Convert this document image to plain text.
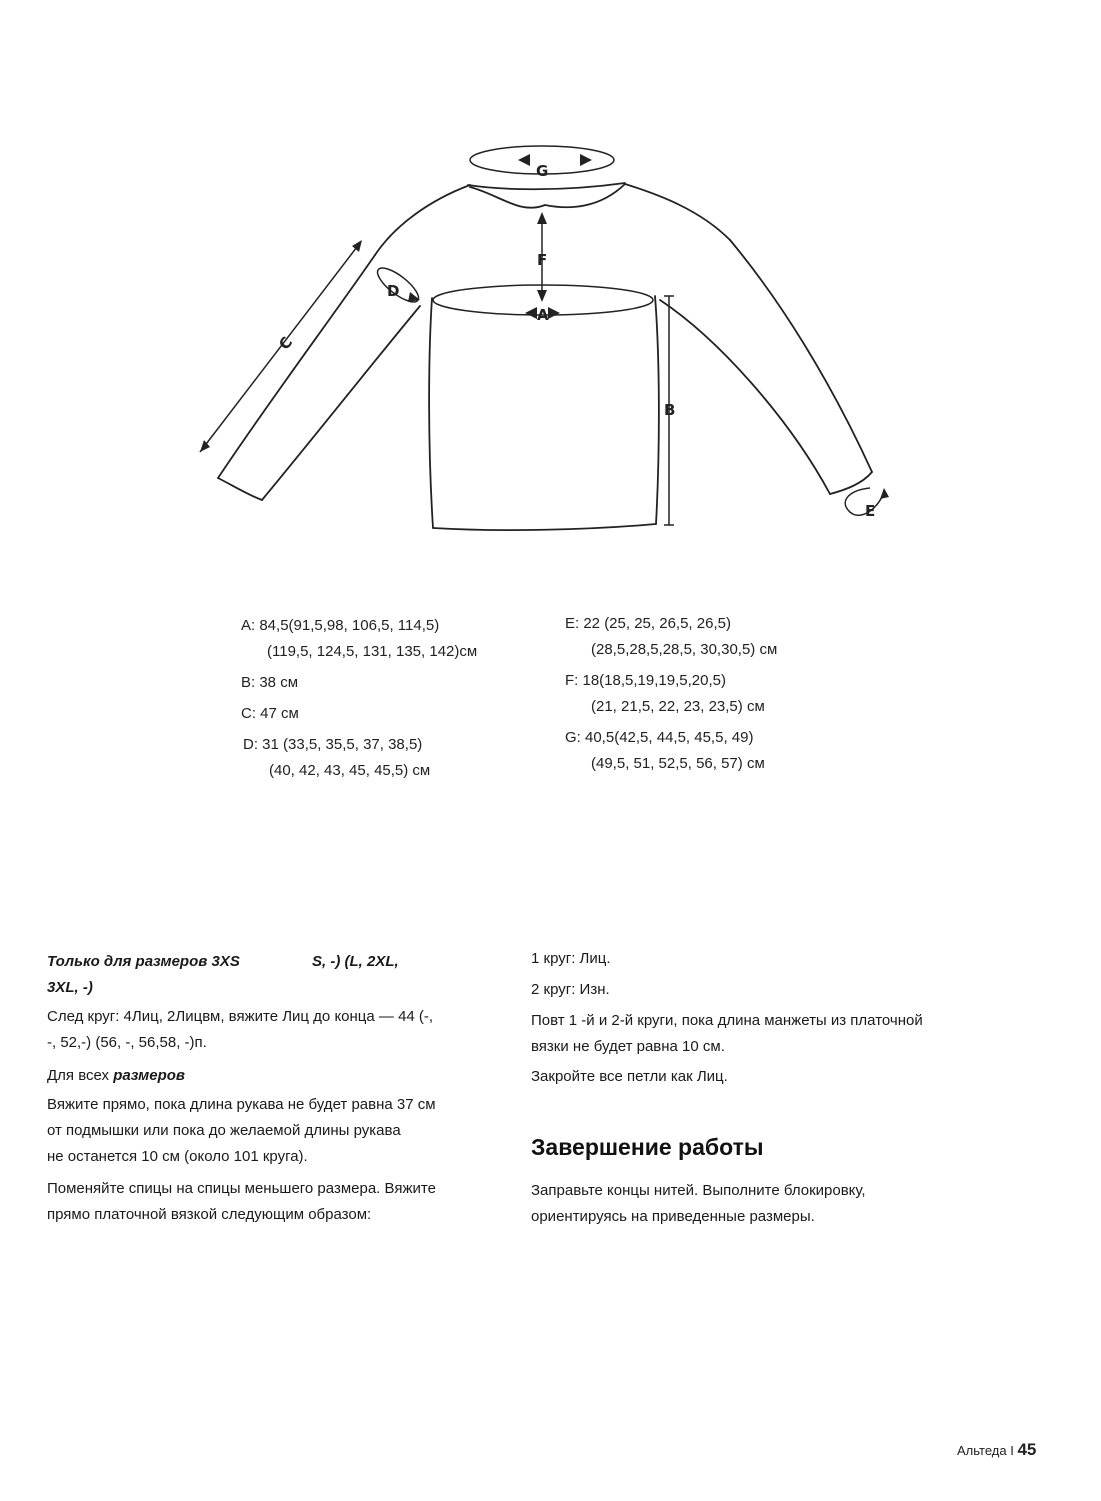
G
F
A
B
C
D
E
A: 84,5(91,5,98, 106,5, 114,5)
(119,5, 124,5, 131, 135, 142)см
B: 38 см
C: 47 см
D: 31 (33,5, 35,5, 37, 38,5)
(40, 42, 43, 45, 45,5) см
E: 22 (25, 25, 26,5, 26,5)
(28,5,28,5,28,5, 30,30,5) см
F: 18(18,5,19,19,5,20,5)
(21, 21,5, 22, 23, 23,5) см
G: 40,5(42,5, 44,5, 45,5, 49)
(49,5, 51, 52,5, 56, 57) см
Только для размеров 3XS	S, -) (L, 2XL,
3XL, -)
След круг: 4Лиц, 2Лицвм, вяжите Лиц до конца — 44 (-,
-, 52,-) (56, -, 56,58, -)п.
Для всех размеров
Вяжите прямо, пока длина рукава не будет равна 37 см
от подмышки или пока до желаемой длины рукава
не останется 10 см (около 101 круга).
Поменяйте спицы на спицы меньшего размера. Вяжите
прямо платочной вязкой следующим образом:
1 круг: Лиц.
2 круг: Изн.
Повт 1 -й и 2-й круги, пока длина манжеты из платочной
вязки не будет равна 10 см.
Закройте все петли как Лиц.
Завершение работы
Заправьте концы нитей. Выполните блокировку,
ориентируясь на приведенные размеры.
Альтеда I 45
